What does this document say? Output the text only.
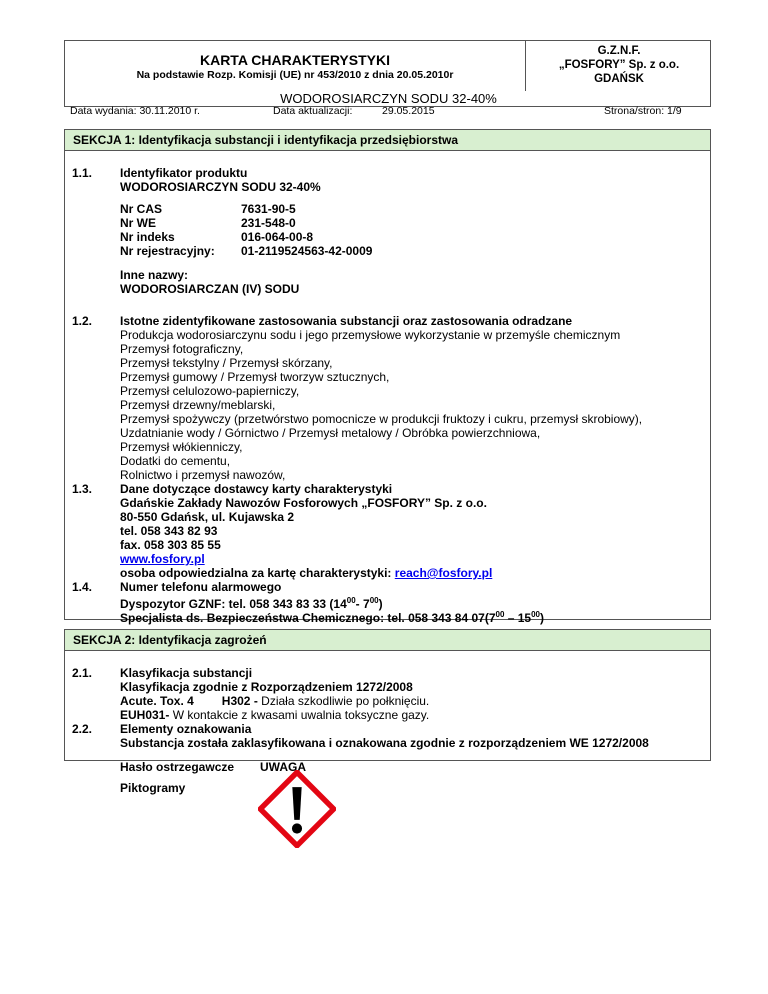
KARTA CHARAKTERYSTYKI
Na podstawie Rozp. Komisji (UE) nr 453/2010 z dnia 20.05.2010r
G.Z.N.F.
„FOSFORY” Sp. z o.o.
GDAŃSK
WODOROSIARCZYN SODU 32-40%
Data wydania: 30.11.2010 r.	Data aktualizacji:	29.05.2015	Strona/stron: 1/9
SEKCJA 1: Identyfikacja substancji i identyfikacja przedsiębiorstwa
1.1. Identyfikator produktu
WODOROSIARCZYN SODU 32-40%
Nr CAS	7631-90-5
Nr WE	231-548-0
Nr indeks	016-064-00-8
Nr rejestracyjny: 01-2119524563-42-0009
Inne nazwy:
WODOROSIARCZAN (IV) SODU
1.2. Istotne zidentyfikowane zastosowania substancji oraz zastosowania odradzane
Produkcja wodorosiarczynu sodu i jego przemysłowe wykorzystanie w przemyśle chemicznym
Przemysł fotograficzny,
Przemysł tekstylny / Przemysł skórzany,
Przemysł gumowy / Przemysł tworzyw sztucznych,
Przemysł celulozowo-papierniczy,
Przemysł drzewny/meblarski,
Przemysł spożywczy (przetwórstwo pomocnicze w produkcji fruktozy i cukru, przemysł skrobiowy),
Uzdatnianie wody / Górnictwo / Przemysł metalowy / Obróbka powierzchniowa,
Przemysł włókienniczy,
Dodatki do cementu,
Rolnictwo i przemysł nawozów,
1.3. Dane dotyczące dostawcy karty charakterystyki
Gdańskie Zakłady Nawozów Fosforowych „FOSFORY” Sp. z o.o.
80-550 Gdańsk, ul. Kujawska 2
tel. 058 343 82 93
fax. 058 303 85 55
www.fosfory.pl
osoba odpowiedzialna za kartę charakterystyki: reach@fosfory.pl
1.4. Numer telefonu alarmowego
Dyspozytor GZNF: tel. 058 343 83 33 ($14^{00}-$ $7^{00}$)
Specjalista ds. Bezpieczeństwa Chemicznego: tel. 058 343 84 $07(7^{00} - 15^{00})$
SEKCJA 2: Identyfikacja zagrożeń
2.1. Klasyfikacja substancji
Klasyfikacja zgodnie z Rozporządzeniem 1272/2008
Acute. Tox. 4 H302 - Działa szkodliwie po połknięciu.
EUH031- W kontakcie z kwasami uwalnia toksyczne gazy.
2.2. Elementy oznakowania
Substancja została zaklasyfikowana i oznakowana zgodnie z rozporządzeniem WE 1272/2008
Hasło ostrzegawcze UWAGA
Piktogramy
